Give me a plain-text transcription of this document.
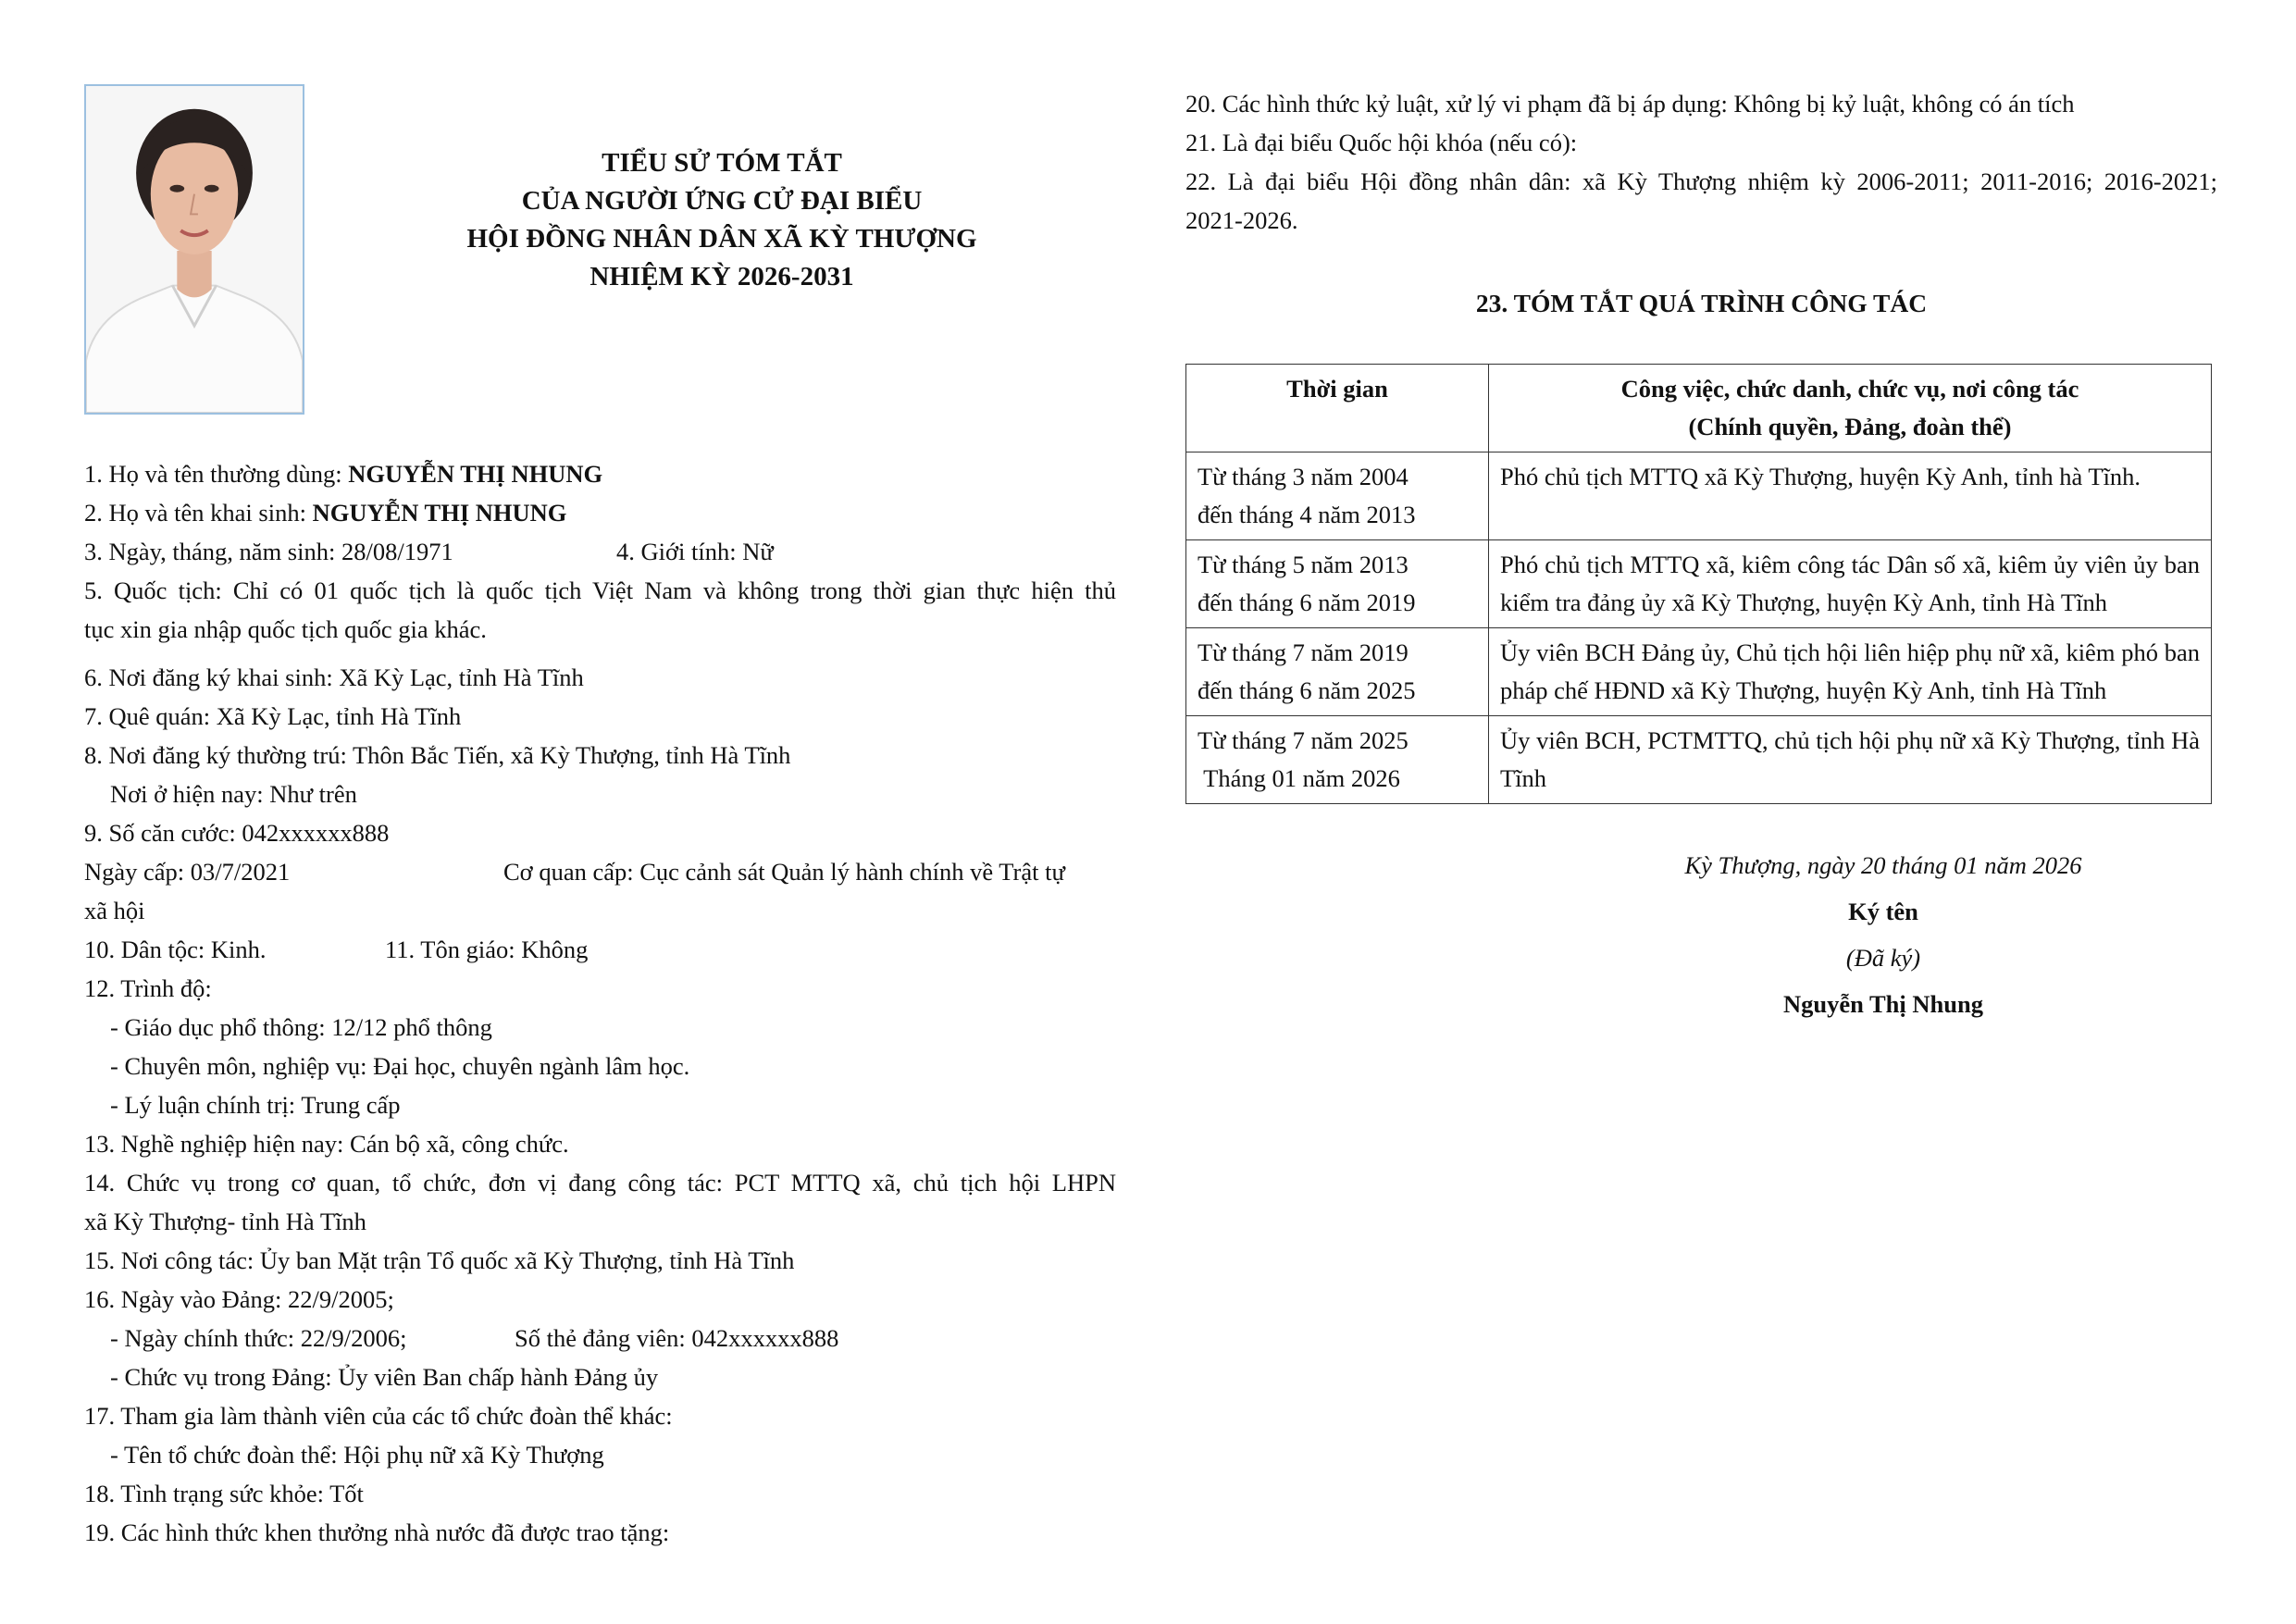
TIỂU SỬ TÓM TẮT
CỦA NGƯỜI ỨNG CỬ ĐẠI BIỂU
HỘI ĐỒNG NHÂN DÂN XÃ KỲ THƯỢNG
NHIỆM KỲ 2026-2031
1. Họ và tên thường dùng: NGUYỄN THỊ NHUNG
2. Họ và tên khai sinh: NGUYỄN THỊ NHUNG
3. Ngày, tháng, năm sinh: 28/08/1971	4. Giới tính: Nữ
5. Quốc tịch: Chỉ có 01 quốc tịch là quốc tịch Việt Nam và không trong thời gian thực hiện thủ
tục xin gia nhập quốc tịch quốc gia khác.
6. Nơi đăng ký khai sinh: Xã Kỳ Lạc, tỉnh Hà Tĩnh
7. Quê quán: Xã Kỳ Lạc, tỉnh Hà Tĩnh
8. Nơi đăng ký thường trú: Thôn Bắc Tiến, xã Kỳ Thượng, tỉnh Hà Tĩnh
Nơi ở hiện nay: Như trên
9. Số căn cước: 042xxxxxx888
Ngày cấp: 03/7/2021	Cơ quan cấp: Cục cảnh sát Quản lý hành chính về Trật tự
xã hội
10. Dân tộc: Kinh.	11. Tôn giáo: Không
12. Trình độ:
- Giáo dục phổ thông: 12/12 phổ thông
- Chuyên môn, nghiệp vụ: Đại học, chuyên ngành lâm học.
- Lý luận chính trị: Trung cấp
13. Nghề nghiệp hiện nay: Cán bộ xã, công chức.
14. Chức vụ trong cơ quan, tổ chức, đơn vị đang công tác: PCT MTTQ xã, chủ tịch hội LHPN
xã Kỳ Thượng- tỉnh Hà Tĩnh
15. Nơi công tác: Ủy ban Mặt trận Tổ quốc xã Kỳ Thượng, tỉnh Hà Tĩnh
16. Ngày vào Đảng: 22/9/2005;
- Ngày chính thức: 22/9/2006;	Số thẻ đảng viên: 042xxxxxx888
- Chức vụ trong Đảng: Ủy viên Ban chấp hành Đảng ủy
17. Tham gia làm thành viên của các tổ chức đoàn thể khác:
- Tên tổ chức đoàn thể: Hội phụ nữ xã Kỳ Thượng
18. Tình trạng sức khỏe: Tốt
19. Các hình thức khen thưởng nhà nước đã được trao tặng:
20. Các hình thức kỷ luật, xử lý vi phạm đã bị áp dụng: Không bị kỷ luật, không có án tích
21. Là đại biểu Quốc hội khóa (nếu có):
22. Là đại biểu Hội đồng nhân dân: xã Kỳ Thượng nhiệm kỳ 2006-2011; 2011-2016; 2016-2021;
2021-2026.
23. TÓM TẮT QUÁ TRÌNH CÔNG TÁC
Thời gian	Công việc, chức danh, chức vụ, nơi công tác
(Chính quyền, Đảng, đoàn thể)

Từ tháng 3 năm 2004
đến tháng 4 năm 2013	Phó chủ tịch MTTQ xã Kỳ Thượng, huyện Kỳ Anh, tỉnh hà Tĩnh.

Từ tháng 5 năm 2013
đến tháng 6 năm 2019	Phó chủ tịch MTTQ xã, kiêm công tác Dân số xã, kiêm ủy viên ủy ban kiểm tra đảng ủy xã Kỳ Thượng, huyện Kỳ Anh, tỉnh Hà Tĩnh

Từ tháng 7 năm 2019
đến tháng 6 năm 2025	Ủy viên BCH Đảng ủy, Chủ tịch hội liên hiệp phụ nữ xã, kiêm phó ban pháp chế HĐND xã Kỳ Thượng, huyện Kỳ Anh, tỉnh Hà Tĩnh

Từ tháng 7 năm 2025
Tháng 01 năm 2026	Ủy viên BCH, PCTMTTQ, chủ tịch hội phụ nữ xã Kỳ Thượng, tỉnh Hà Tĩnh
Kỳ Thượng, ngày 20 tháng 01 năm 2026
Ký tên
(Đã ký)
Nguyễn Thị Nhung
